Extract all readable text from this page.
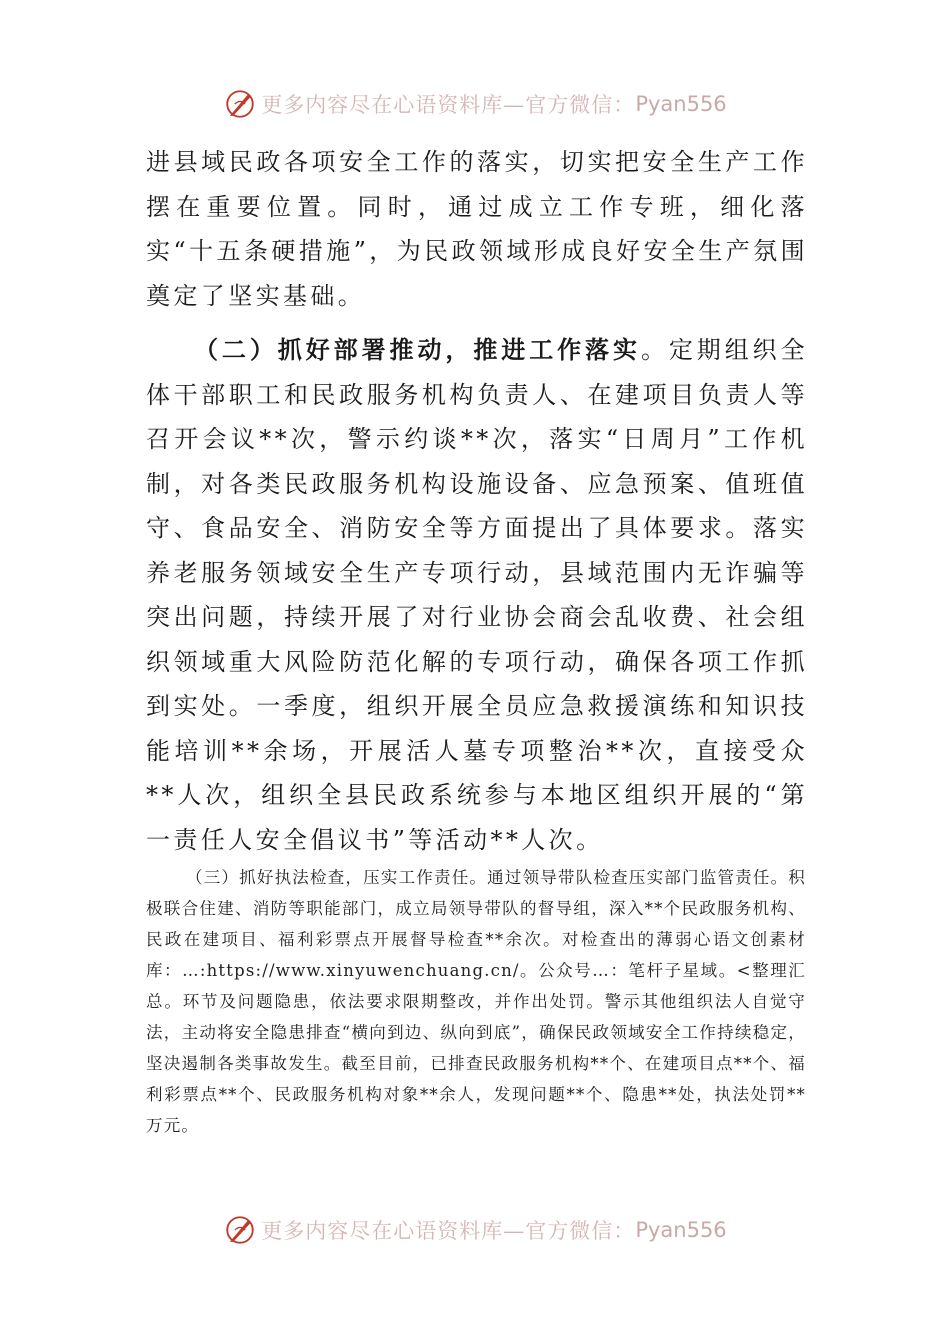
更多内容尽在心语资料库—官方微信： Pyan556

进县域民政各项安全工作的落实，切实把安全生产工作摆在重要位置。同时，通过成立工作专班，细化落实“十五条硬措施”，为民政领域形成良好安全生产氛围奠定了坚实基础。

（二）抓好部署推动，推进工作落实。定期组织全体干部职工和民政服务机构负责人、在建项目负责人等召开会议**次，警示约谈**次，落实“日周月”工作机制，对各类民政服务机构设施设备、应急预案、值班值守、食品安全、消防安全等方面提出了具体要求。落实养老服务领域安全生产专项行动，县域范围内无诈骗等突出问题，持续开展了对行业协会商会乱收费、社会组织领域重大风险防范化解的专项行动，确保各项工作抓到实处。一季度，组织开展全员应急救援演练和知识技能培训**余场，开展活人墓专项整治**次，直接受众**人次，组织全县民政系统参与本地区组织开展的“第一责任人安全倡议书”等活动**人次。

（三）抓好执法检查，压实工作责任。通过领导带队检查压实部门监管责任。积极联合住建、消防等职能部门，成立局领导带队的督导组，深入**个民政服务机构、民政在建项目、福利彩票点开展督导检查**余次。对检查出的薄弱心语文创素材库：…:https://www.xinyuwenchuang.cn/。公众号…：笔杆子星域。<整理汇总。环节及问题隐患，依法要求限期整改，并作出处罚。警示其他组织法人自觉守法，主动将安全隐患排查“横向到边、纵向到底”，确保民政领域安全工作持续稳定，坚决遏制各类事故发生。截至目前，已排查民政服务机构**个、在建项目点**个、福利彩票点**个、民政服务机构对象**余人，发现问题**个、隐患**处，执法处罚**万元。

更多内容尽在心语资料库—官方微信： Pyan556
